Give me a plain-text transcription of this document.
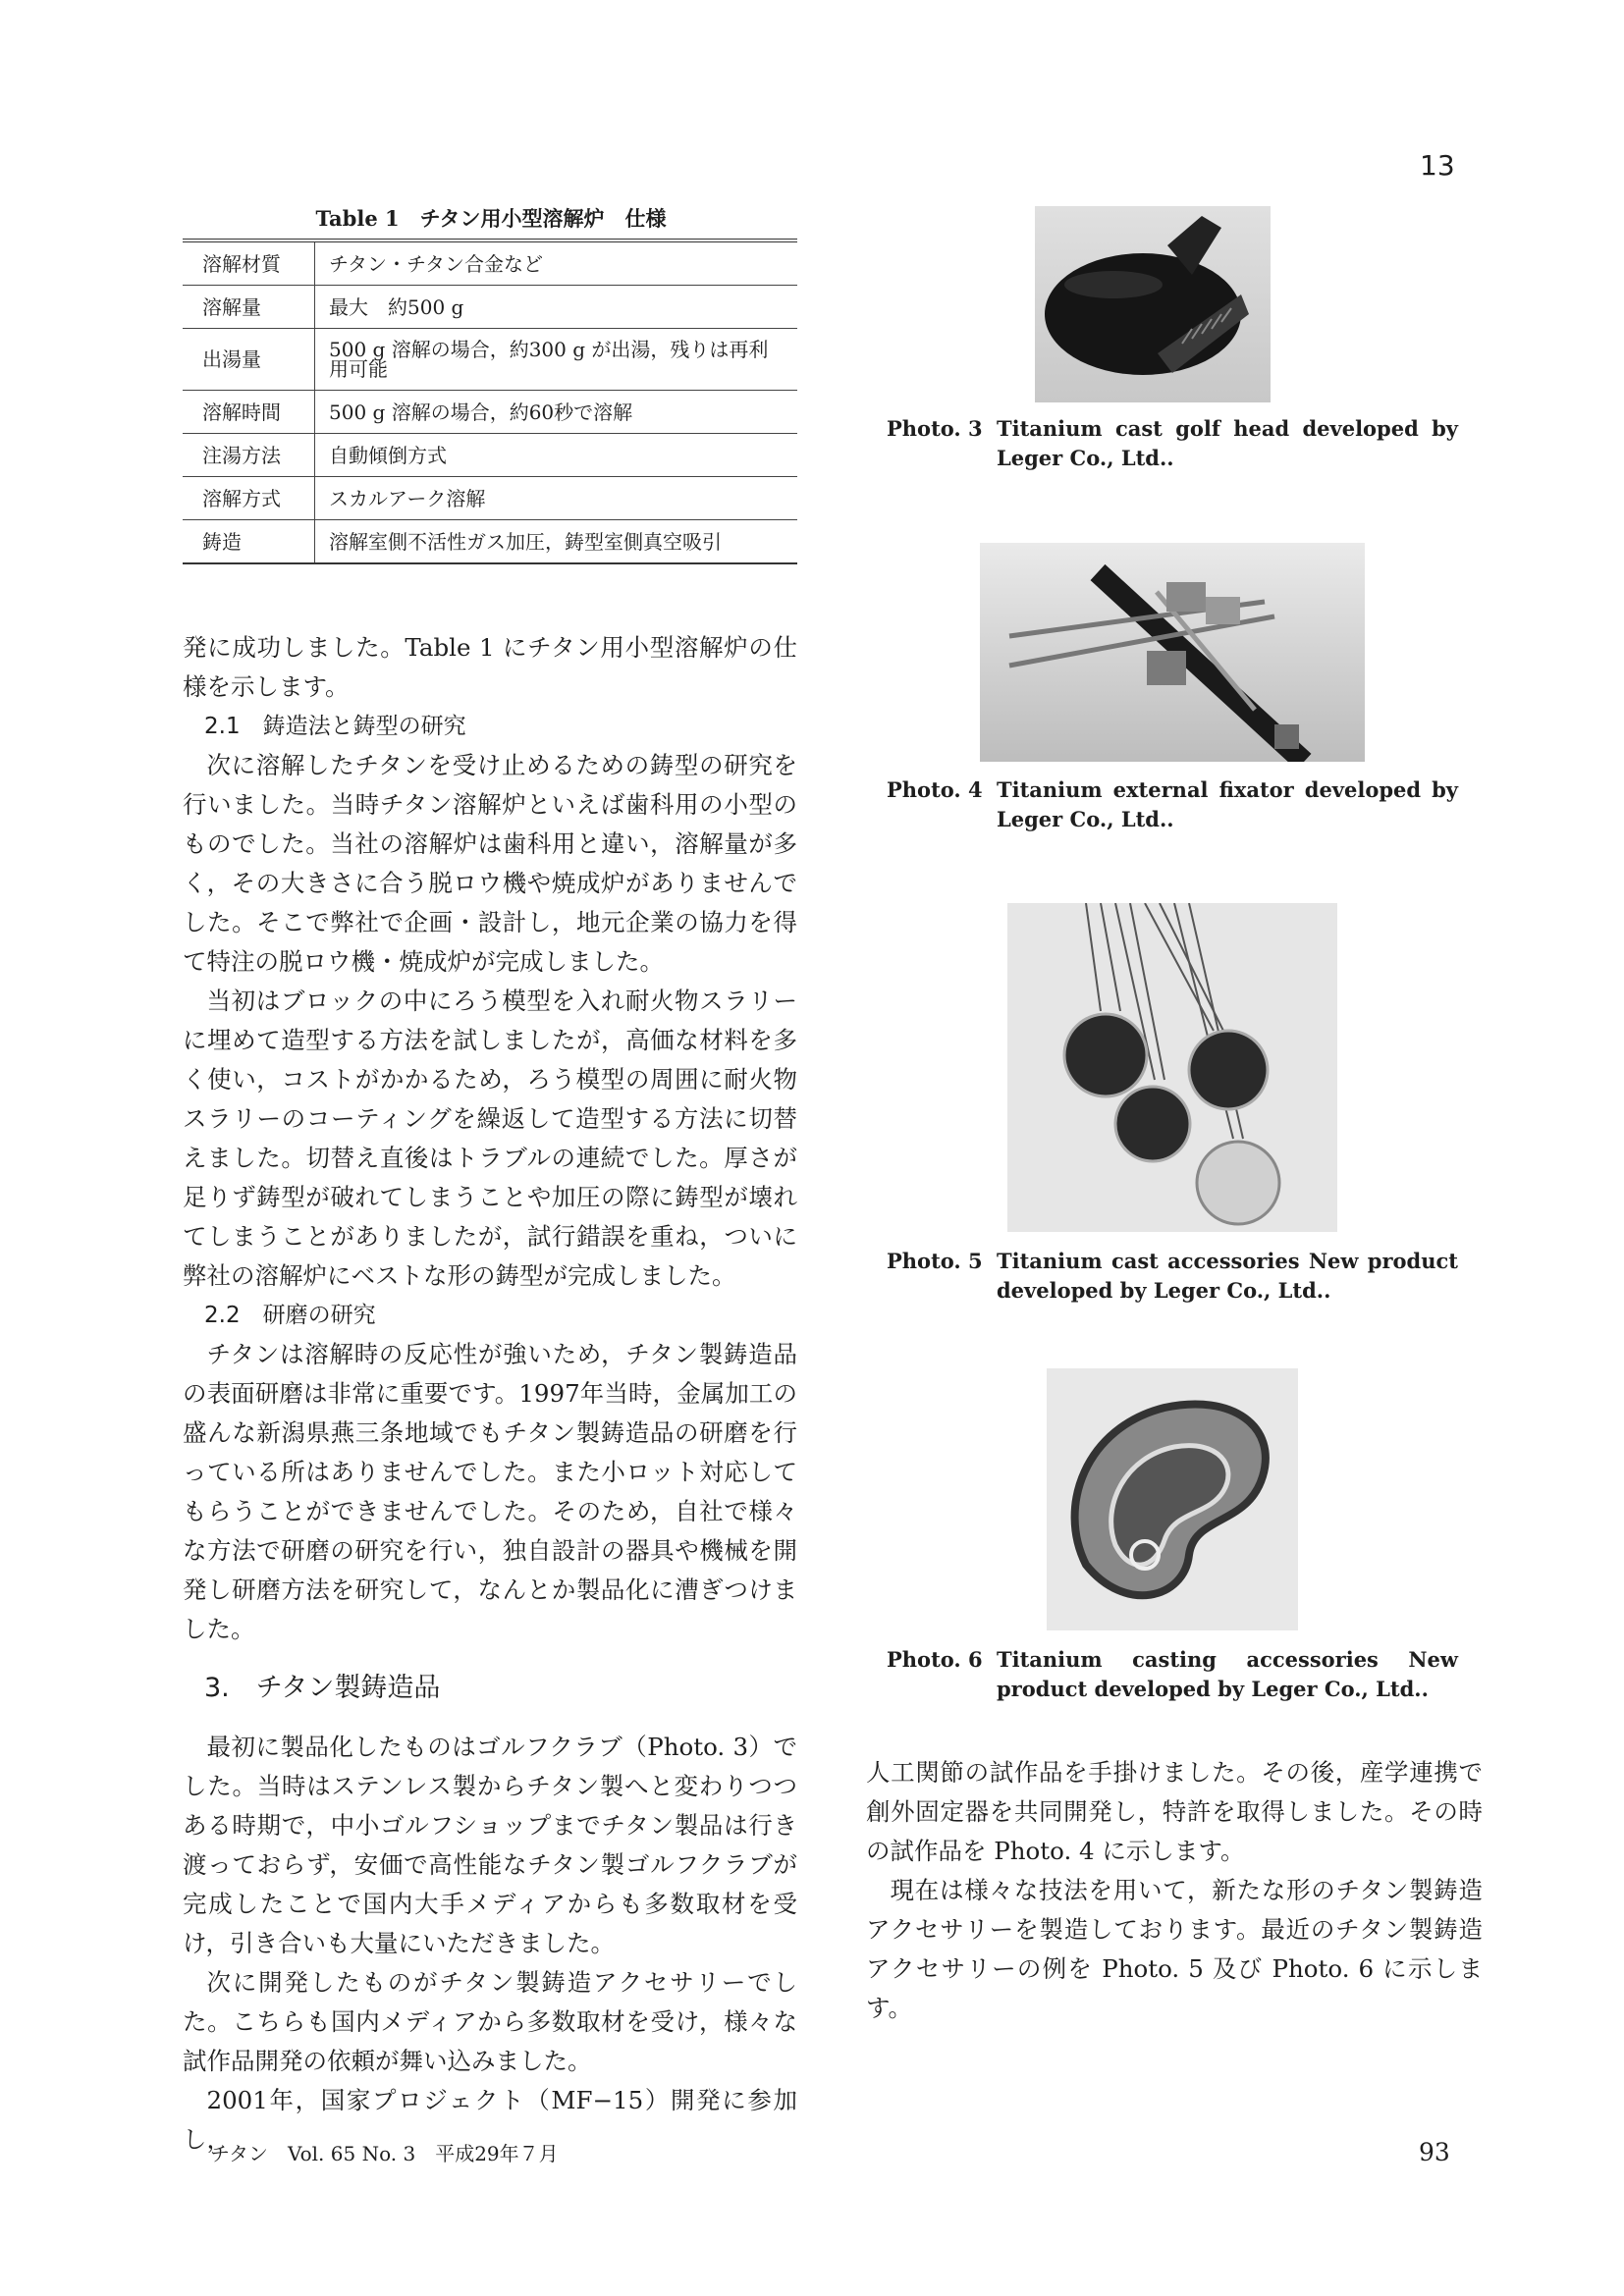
13
Table 1　チタン用小型溶解炉　仕様
溶解材質	チタン・チタン合金など
溶解量	最大　約500 g
出湯量	500 g 溶解の場合，約300 g が出湯，残りは再利用可能
溶解時間	500 g 溶解の場合，約60秒で溶解
注湯方法	自動傾倒方式
溶解方式	スカルアーク溶解
鋳造	溶解室側不活性ガス加圧，鋳型室側真空吸引

発に成功しました。Table 1 にチタン用小型溶解炉の仕様を示します。

2.1　鋳造法と鋳型の研究

次に溶解したチタンを受け止めるための鋳型の研究を行いました。当時チタン溶解炉といえば歯科用の小型のものでした。当社の溶解炉は歯科用と違い，溶解量が多く，その大きさに合う脱ロウ機や焼成炉がありませんでした。そこで弊社で企画・設計し，地元企業の協力を得て特注の脱ロウ機・焼成炉が完成しました。

当初はブロックの中にろう模型を入れ耐火物スラリーに埋めて造型する方法を試しましたが，高価な材料を多く使い，コストがかかるため，ろう模型の周囲に耐火物スラリーのコーティングを繰返して造型する方法に切替えました。切替え直後はトラブルの連続でした。厚さが足りず鋳型が破れてしまうことや加圧の際に鋳型が壊れてしまうことがありましたが，試行錯誤を重ね，ついに弊社の溶解炉にベストな形の鋳型が完成しました。

2.2　研磨の研究

チタンは溶解時の反応性が強いため，チタン製鋳造品の表面研磨は非常に重要です。1997年当時，金属加工の盛んな新潟県燕三条地域でもチタン製鋳造品の研磨を行っている所はありませんでした。また小ロット対応してもらうことができませんでした。そのため，自社で様々な方法で研磨の研究を行い，独自設計の器具や機械を開発し研磨方法を研究して，なんとか製品化に漕ぎつけました。

3.　チタン製鋳造品

最初に製品化したものはゴルフクラブ（Photo. 3）でした。当時はステンレス製からチタン製へと変わりつつある時期で，中小ゴルフショップまでチタン製品は行き渡っておらず，安価で高性能なチタン製ゴルフクラブが完成したことで国内大手メディアからも多数取材を受け，引き合いも大量にいただきました。

次に開発したものがチタン製鋳造アクセサリーでした。こちらも国内メディアから多数取材を受け，様々な試作品開発の依頼が舞い込みました。

2001年，国家プロジェクト（MF−15）開発に参加し，

Photo. 3 Titanium cast golf head developed by Leger Co., Ltd..
Photo. 4 Titanium external fixator developed by Leger Co., Ltd..
Photo. 5 Titanium cast accessories New product developed by Leger Co., Ltd..
Photo. 6 Titanium casting accessories New product developed by Leger Co., Ltd..

人工関節の試作品を手掛けました。その後，産学連携で創外固定器を共同開発し，特許を取得しました。その時の試作品を Photo. 4 に示します。

現在は様々な技法を用いて，新たな形のチタン製鋳造アクセサリーを製造しております。最近のチタン製鋳造アクセサリーの例を Photo. 5 及び Photo. 6 に示します。

チタン　Vol. 65 No. 3　平成29年７月	93
